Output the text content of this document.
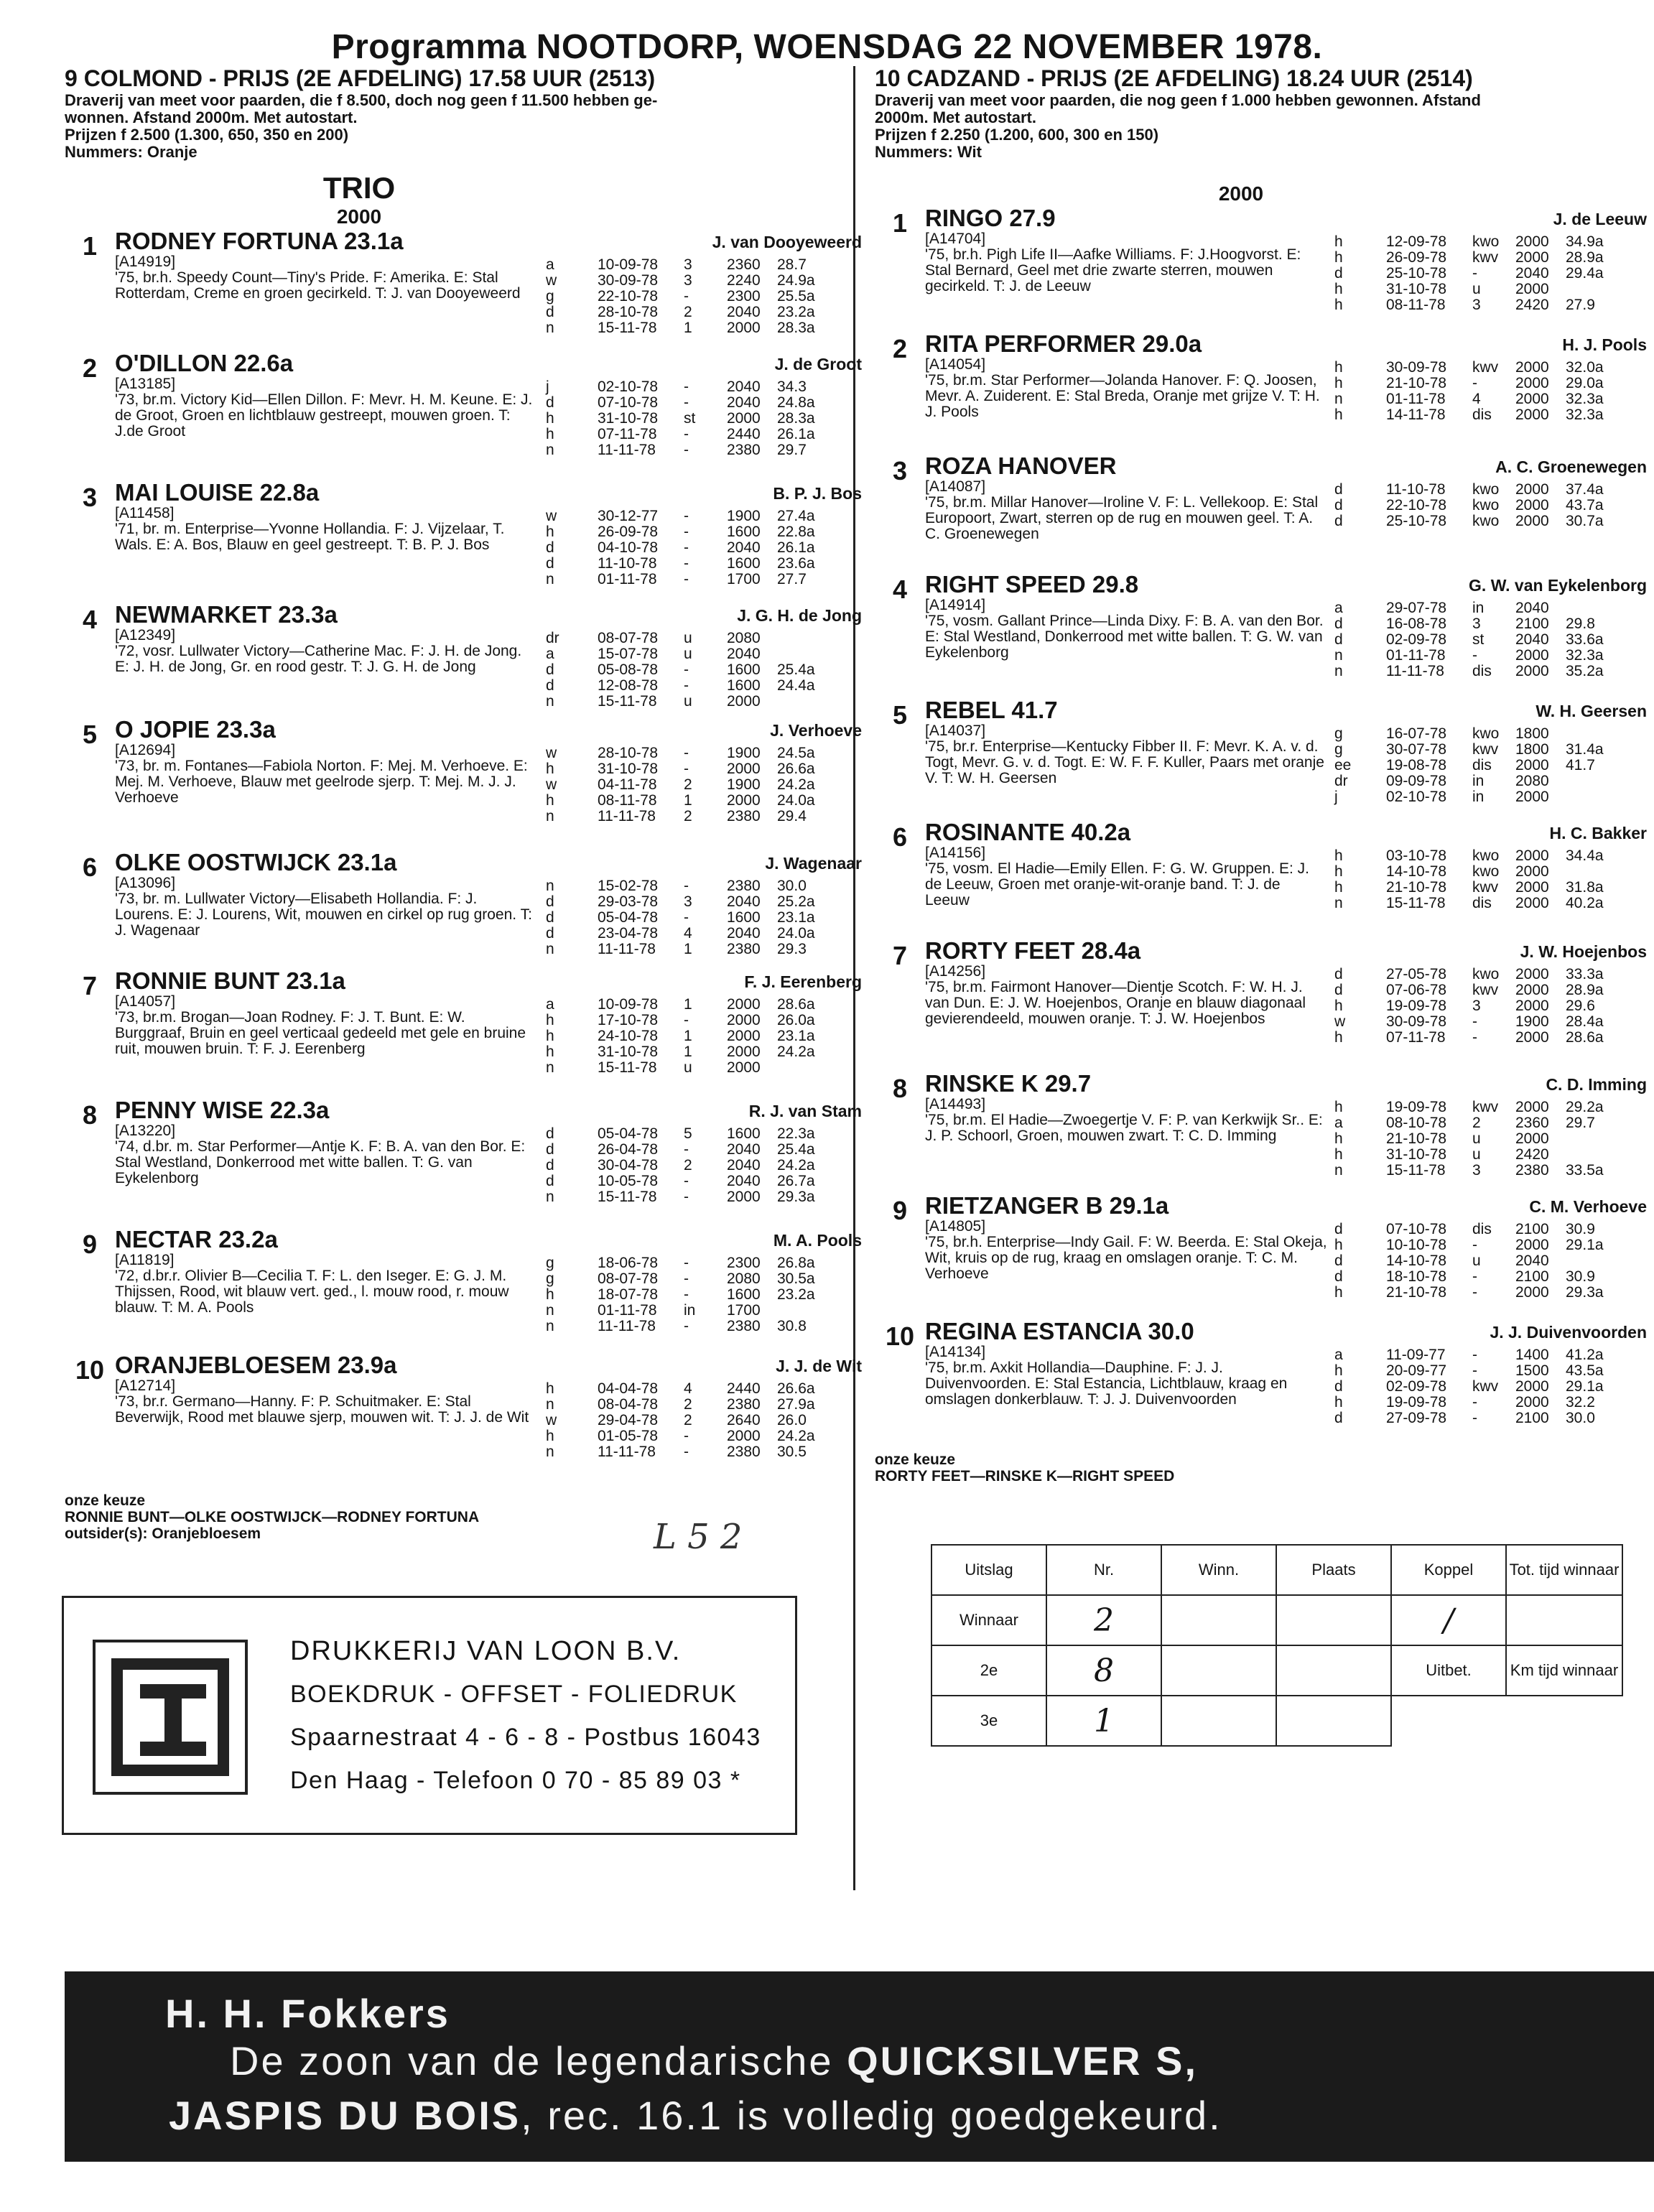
Programma NOOTDORP, WOENSDAG 22 NOVEMBER 1978.
9 COLMOND - PRIJS (2E AFDELING) 17.58 UUR (2513)

Draverij van meet voor paarden, die f 8.500, doch nog geen f 11.500 hebben ge-

wonnen. Afstand 2000m. Met autostart.

Prijzen f 2.500 (1.300, 650, 350 en 200)

Nummers: Oranje

TRIO
2000
1 RODNEY FORTUNA 23.1a
[A14919]
'75, br.h. Speedy Count—Tiny's Pride. F: Amerika. E: Stal Rotterdam, Creme en groen gecirkeld. T: J. van Dooyeweerd
J. van Dooyeweerd
a	10-09-78	3	2360	28.7
w	30-09-78	3	2240	24.9a
g	22-10-78	-	2300	25.5a
d	28-10-78	2	2040	23.2a
n	15-11-78	1	2000	28.3a
2 O'DILLON 22.6a
[A13185]
'73, br.m. Victory Kid—Ellen Dillon. F: Mevr. H. M. Keune. E: J. de Groot, Groen en lichtblauw gestreept, mouwen groen. T: J.de Groot
J. de Groot
j	02-10-78	-	2040	34.3
d	07-10-78	-	2040	24.8a
h	31-10-78	st	2000	28.3a
h	07-11-78	-	2440	26.1a
n	11-11-78	-	2380	29.7
3 MAI LOUISE 22.8a
[A11458]
'71, br. m. Enterprise—Yvonne Hollandia. F: J. Vijzelaar, T. Wals. E: A. Bos, Blauw en geel gestreept. T: B. P. J. Bos
B. P. J. Bos
w	30-12-77	-	1900	27.4a
h	26-09-78	-	1600	22.8a
d	04-10-78	-	2040	26.1a
d	11-10-78	-	1600	23.6a
n	01-11-78	-	1700	27.7
4 NEWMARKET 23.3a
[A12349]
'72, vosr. Lullwater Victory—Catherine Mac. F: J. H. de Jong. E: J. H. de Jong, Gr. en rood gestr. T: J. G. H. de Jong
J. G. H. de Jong
dr	08-07-78	u	2080
a	15-07-78	u	2040
d	05-08-78	-	1600	25.4a
d	12-08-78	-	1600	24.4a
n	15-11-78	u	2000
5 O JOPIE 23.3a
[A12694]
'73, br. m. Fontanes—Fabiola Norton. F: Mej. M. Verhoeve. E: Mej. M. Verhoeve, Blauw met geelrode sjerp. T: Mej. M. J. J. Verhoeve
J. Verhoeve
w	28-10-78	-	1900	24.5a
h	31-10-78	-	2000	26.6a
w	04-11-78	2	1900	24.2a
h	08-11-78	1	2000	24.0a
n	11-11-78	2	2380	29.4
6 OLKE OOSTWIJCK 23.1a
[A13096]
'73, br. m. Lullwater Victory—Elisabeth Hollandia. F: J. Lourens. E: J. Lourens, Wit, mouwen en cirkel op rug groen. T: J. Wagenaar
J. Wagenaar
n	15-02-78	-	2380	30.0
d	29-03-78	3	2040	25.2a
d	05-04-78	-	1600	23.1a
d	23-04-78	4	2040	24.0a
n	11-11-78	1	2380	29.3
7 RONNIE BUNT 23.1a
[A14057]
'73, br.m. Brogan—Joan Rodney. F: J. T. Bunt. E: W. Burggraaf, Bruin en geel verticaal gedeeld met gele en bruine ruit, mouwen bruin. T: F. J. Eerenberg
F. J. Eerenberg
a	10-09-78	1	2000	28.6a
h	17-10-78	-	2000	26.0a
h	24-10-78	1	2000	23.1a
h	31-10-78	1	2000	24.2a
n	15-11-78	u	2000
8 PENNY WISE 22.3a
[A13220]
'74, d.br. m. Star Performer—Antje K. F: B. A. van den Bor. E: Stal Westland, Donkerrood met witte ballen. T: G. van Eykelenborg
R. J. van Stam
d	05-04-78	5	1600	22.3a
d	26-04-78	-	2040	25.4a
d	30-04-78	2	2040	24.2a
d	10-05-78	-	2040	26.7a
n	15-11-78	-	2000	29.3a
9 NECTAR 23.2a
[A11819]
'72, d.br.r. Olivier B—Cecilia T. F: L. den Iseger. E: G. J. M. Thijssen, Rood, wit blauw vert. ged., l. mouw rood, r. mouw blauw. T: M. A. Pools
M. A. Pools
g	18-06-78	-	2300	26.8a
g	08-07-78	-	2080	30.5a
h	18-07-78	-	1600	23.2a
n	01-11-78	in	1700
n	11-11-78	-	2380	30.8
10 ORANJEBLOESEM 23.9a
[A12714]
'73, br.r. Germano—Hanny. F: P. Schuitmaker. E: Stal Beverwijk, Rood met blauwe sjerp, mouwen wit. T: J. J. de Wit
J. J. de Wit
h	04-04-78	4	2440	26.6a
n	08-04-78	2	2380	27.9a
w	29-04-78	2	2640	26.0
h	01-05-78	-	2000	24.2a
n	11-11-78	-	2380	30.5
onze keuze
RONNIE BUNT—OLKE OOSTWIJCK—RODNEY FORTUNA
outsider(s): Oranjebloesem
10 CADZAND - PRIJS (2E AFDELING) 18.24 UUR (2514)

Draverij van meet voor paarden, die nog geen f 1.000 hebben gewonnen. Afstand

2000m. Met autostart.

Prijzen f 2.250 (1.200, 600, 300 en 150)

Nummers: Wit

2000
1 RINGO 27.9
[A14704]
'75, br.h. Pigh Life II—Aafke Williams. F: J.Hoogvorst. E: Stal Bernard, Geel met drie zwarte sterren, mouwen gecirkeld. T: J. de Leeuw
J. de Leeuw
h	12-09-78	kwo	2000	34.9a
h	26-09-78	kwv	2000	28.9a
d	25-10-78	-	2040	29.4a
h	31-10-78	u	2000
h	08-11-78	3	2420	27.9
2 RITA PERFORMER 29.0a
[A14054]
'75, br.m. Star Performer—Jolanda Hanover. F: Q. Joosen, Mevr. A. Zuiderent. E: Stal Breda, Oranje met grijze V. T: H. J. Pools
H. J. Pools
h	30-09-78	kwv	2000	32.0a
h	21-10-78	-	2000	29.0a
n	01-11-78	4	2000	32.3a
h	14-11-78	dis	2000	32.3a
3 ROZA HANOVER
[A14087]
'75, br.m. Millar Hanover—Iroline V. F: L. Vellekoop. E: Stal Europoort, Zwart, sterren op de rug en mouwen geel. T: A. C. Groenewegen
A. C. Groenewegen
d	11-10-78	kwo	2000	37.4a
d	22-10-78	kwo	2000	43.7a
d	25-10-78	kwo	2000	30.7a
4 RIGHT SPEED 29.8
[A14914]
'75, vosm. Gallant Prince—Linda Dixy. F: B. A. van den Bor. E: Stal Westland, Donkerrood met witte ballen. T: G. W. van Eykelenborg
G. W. van Eykelenborg
a	29-07-78	in	2040
d	16-08-78	3	2100	29.8
d	02-09-78	st	2040	33.6a
n	01-11-78	-	2000	32.3a
n	11-11-78	dis	2000	35.2a
5 REBEL 41.7
[A14037]
'75, br.r. Enterprise—Kentucky Fibber II. F: Mevr. K. A. v. d. Togt, Mevr. G. v. d. Togt. E: W. F. F. Kuller, Paars met oranje V. T: W. H. Geersen
W. H. Geersen
g	16-07-78	kwo	1800
g	30-07-78	kwv	1800	31.4a
ee	19-08-78	dis	2000	41.7
dr	09-09-78	in	2080
j	02-10-78	in	2000
6 ROSINANTE 40.2a
[A14156]
'75, vosm. El Hadie—Emily Ellen. F: G. W. Gruppen. E: J. de Leeuw, Groen met oranje-wit-oranje band. T: J. de Leeuw
H. C. Bakker
h	03-10-78	kwo	2000	34.4a
h	14-10-78	kwo	2000
h	21-10-78	kwv	2000	31.8a
n	15-11-78	dis	2000	40.2a
7 RORTY FEET 28.4a
[A14256]
'75, br.m. Fairmont Hanover—Dientje Scotch. F: W. H. J. van Dun. E: J. W. Hoejenbos, Oranje en blauw diagonaal gevierendeeld, mouwen oranje. T: J. W. Hoejenbos
J. W. Hoejenbos
d	27-05-78	kwo	2000	33.3a
d	07-06-78	kwv	2000	28.9a
h	19-09-78	3	2000	29.6
w	30-09-78	-	1900	28.4a
h	07-11-78	-	2000	28.6a
8 RINSKE K 29.7
[A14493]
'75, br.m. El Hadie—Zwoegertje V. F: P. van Kerkwijk Sr.. E: J. P. Schoorl, Groen, mouwen zwart. T: C. D. Imming
C. D. Imming
h	19-09-78	kwv	2000	29.2a
a	08-10-78	2	2360	29.7
h	21-10-78	u	2000
h	31-10-78	u	2420
n	15-11-78	3	2380	33.5a
9 RIETZANGER B 29.1a
[A14805]
'75, br.h. Enterprise—Indy Gail. F: W. Beerda. E: Stal Okeja, Wit, kruis op de rug, kraag en omslagen oranje. T: C. M. Verhoeve
C. M. Verhoeve
d	07-10-78	dis	2100	30.9
h	10-10-78	-	2000	29.1a
d	14-10-78	u	2040
d	18-10-78	-	2100	30.9
h	21-10-78	-	2000	29.3a
10 REGINA ESTANCIA 30.0
[A14134]
'75, br.m. Axkit Hollandia—Dauphine. F: J. J. Duivenvoorden. E: Stal Estancia, Lichtblauw, kraag en omslagen donkerblauw. T: J. J. Duivenvoorden
J. J. Duivenvoorden
a	11-09-77	-	1400	41.2a
h	20-09-77	-	1500	43.5a
d	02-09-78	kwv	2000	29.1a
h	19-09-78	-	2000	32.2
d	27-09-78	-	2100	30.0
onze keuze
RORTY FEET—RINSKE K—RIGHT SPEED
L 5 2
DRUKKERIJ VAN LOON B.V.
BOEKDRUK - OFFSET - FOLIEDRUK
Spaarnestraat 4 - 6 - 8 - Postbus 16043
Den Haag - Telefoon 0 70 - 85 89 03 *
Uitslag	Nr.	Winn.	Plaats	Koppel	Tot. tijd winnaar
Winnaar	2			/	
2e	8			Uitbet.	Km tijd winnaar
3e	1				
H. H. Fokkers
De zoon van de legendarische QUICKSILVER S,
JASPIS DU BOIS, rec. 16.1 is volledig goedgekeurd.
